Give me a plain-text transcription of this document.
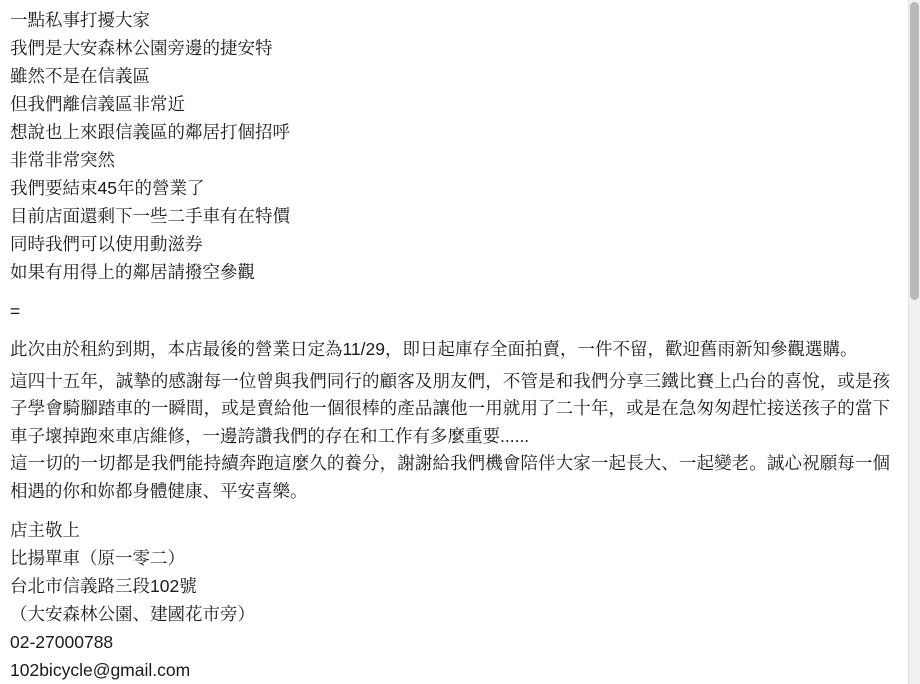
一點私事打擾大家
我們是大安森林公園旁邊的捷安特
雖然不是在信義區
但我們離信義區非常近
想說也上來跟信義區的鄰居打個招呼
非常非常突然
我們要結束45年的營業了
目前店面還剩下一些二手車有在特價
同時我們可以使用動滋券
如果有用得上的鄰居請撥空參觀
=

此次由於租約到期，本店最後的營業日定為11/29，即日起庫存全面拍賣，一件不留，歡迎舊雨新知參觀選購。

這四十五年，誠摯的感謝每一位曾與我們同行的顧客及朋友們，不管是和我們分享三鐵比賽上凸台的喜悅，或是孩子學會騎腳踏車的一瞬間，或是賣給他一個很棒的產品讓他一用就用了二十年，或是在急匆匆趕忙接送孩子的當下車子壞掉跑來車店維修，一邊誇讚我們的存在和工作有多麼重要......

這一切的一切都是我們能持續奔跑這麼久的養分，謝謝給我們機會陪伴大家一起長大、一起變老。誠心祝願每一個相遇的你和妳都身體健康、平安喜樂。

店主敬上
比揚單車（原一零二）
台北市信義路三段102號
（大安森林公園、建國花市旁）
02-27000788
102bicycle@gmail.com
